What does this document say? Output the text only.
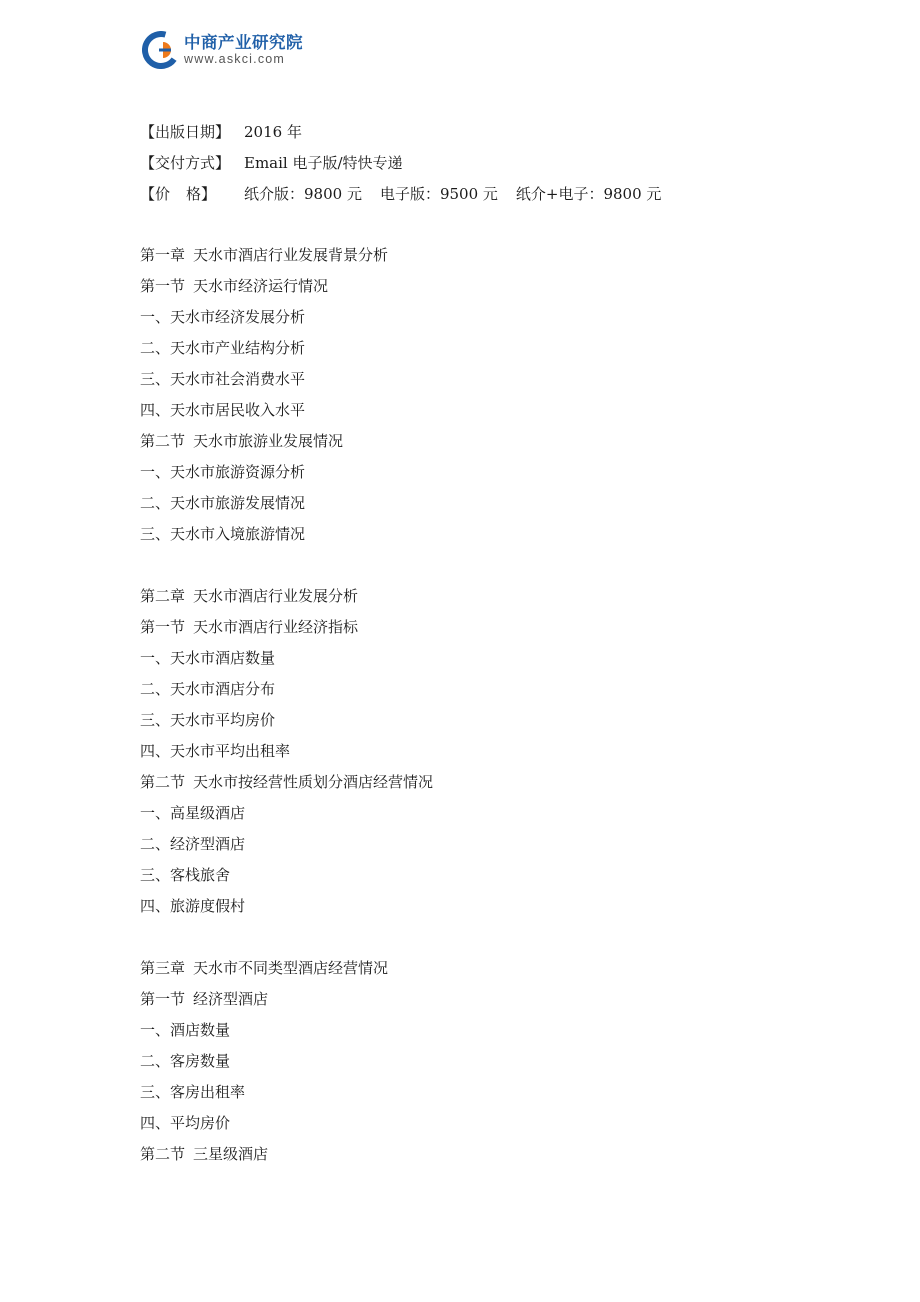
中商产业研究院
www.askci.com
【出版日期】 2016 年
【交付方式】 Email 电子版/特快专递
【价 格】 纸介版：9800 元 电子版：9500 元 纸介+电子：9800 元
第一章 天水市酒店行业发展背景分析
第一节 天水市经济运行情况
一、天水市经济发展分析
二、天水市产业结构分析
三、天水市社会消费水平
四、天水市居民收入水平
第二节 天水市旅游业发展情况
一、天水市旅游资源分析
二、天水市旅游发展情况
三、天水市入境旅游情况
第二章 天水市酒店行业发展分析
第一节 天水市酒店行业经济指标
一、天水市酒店数量
二、天水市酒店分布
三、天水市平均房价
四、天水市平均出租率
第二节 天水市按经营性质划分酒店经营情况
一、高星级酒店
二、经济型酒店
三、客栈旅舍
四、旅游度假村
第三章 天水市不同类型酒店经营情况
第一节 经济型酒店
一、酒店数量
二、客房数量
三、客房出租率
四、平均房价
第二节 三星级酒店
